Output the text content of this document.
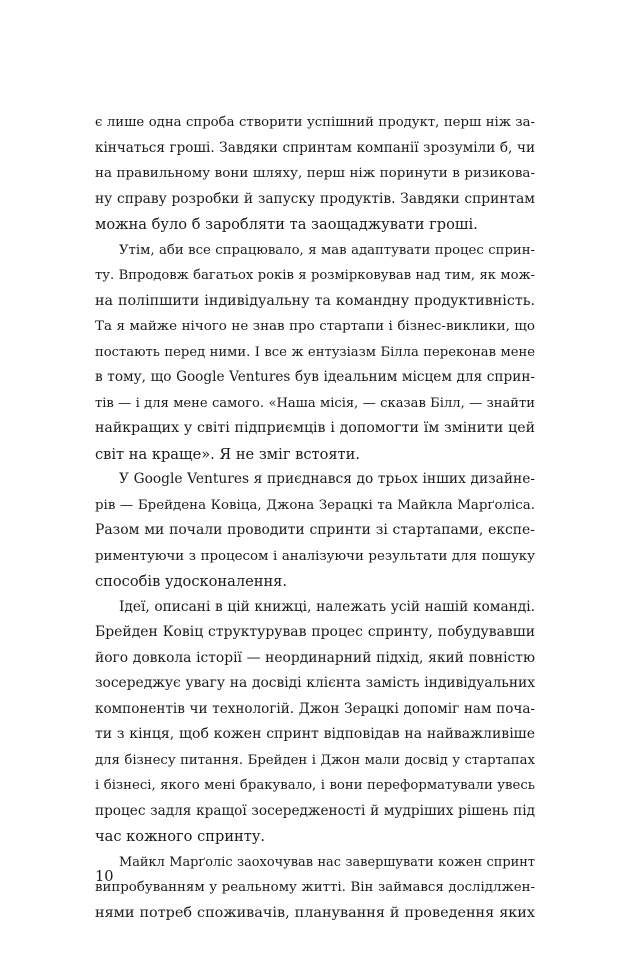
є лише одна спроба створити успішний продукт, перш ніж за-
кінчаться гроші. Завдяки спринтам компанії зрозуміли б, чи
на правильному вони шляху, перш ніж поринути в ризикова-
ну справу розробки й запуску продуктів. Завдяки спринтам
можна було б заробляти та заощаджувати гроші.
Утім, аби все спрацювало, я мав адаптувати процес сприн-
ту. Впродовж багатьох років я розмірковував над тим, як мож-
на поліпшити індивідуальну та командну продуктивність.
Та я майже нічого не знав про стартапи і бізнес-виклики, що
постають перед ними. І все ж ентузіазм Білла переконав мене
в тому, що Google Ventures був ідеальним місцем для сприн-
тів — і для мене самого. «Наша місія, — сказав Білл, — знайти
найкращих у світі підприємців і допомогти їм змінити цей
світ на краще». Я не зміг встояти.
У Google Ventures я приєднався до трьох інших дизайне-
рів — Брейдена Ковіца, Джона Зерацкі та Майкла Марґоліса.
Разом ми почали проводити спринти зі стартапами, експе-
риментуючи з процесом і аналізуючи результати для пошуку
способів удосконалення.
Ідеї, описані в цій книжці, належать усій нашій команді.
Брейден Ковіц структурував процес спринту, побудувавши
його довкола історії — неординарний підхід, який повністю
зосереджує увагу на досвіді клієнта замість індивідуальних
компонентів чи технологій. Джон Зерацкі допоміг нам поча-
ти з кінця, щоб кожен спринт відповідав на найважливіше
для бізнесу питання. Брейден і Джон мали досвід у стартапах
і бізнесі, якого мені бракувало, і вони переформатували увесь
процес задля кращої зосередженості й мудріших рішень під
час кожного спринту.
Майкл Марґоліс заохочував нас завершувати кожен спринт
випробуванням у реальному житті. Він займався дослідлжен-
нями потреб споживачів, планування й проведення яких
10
